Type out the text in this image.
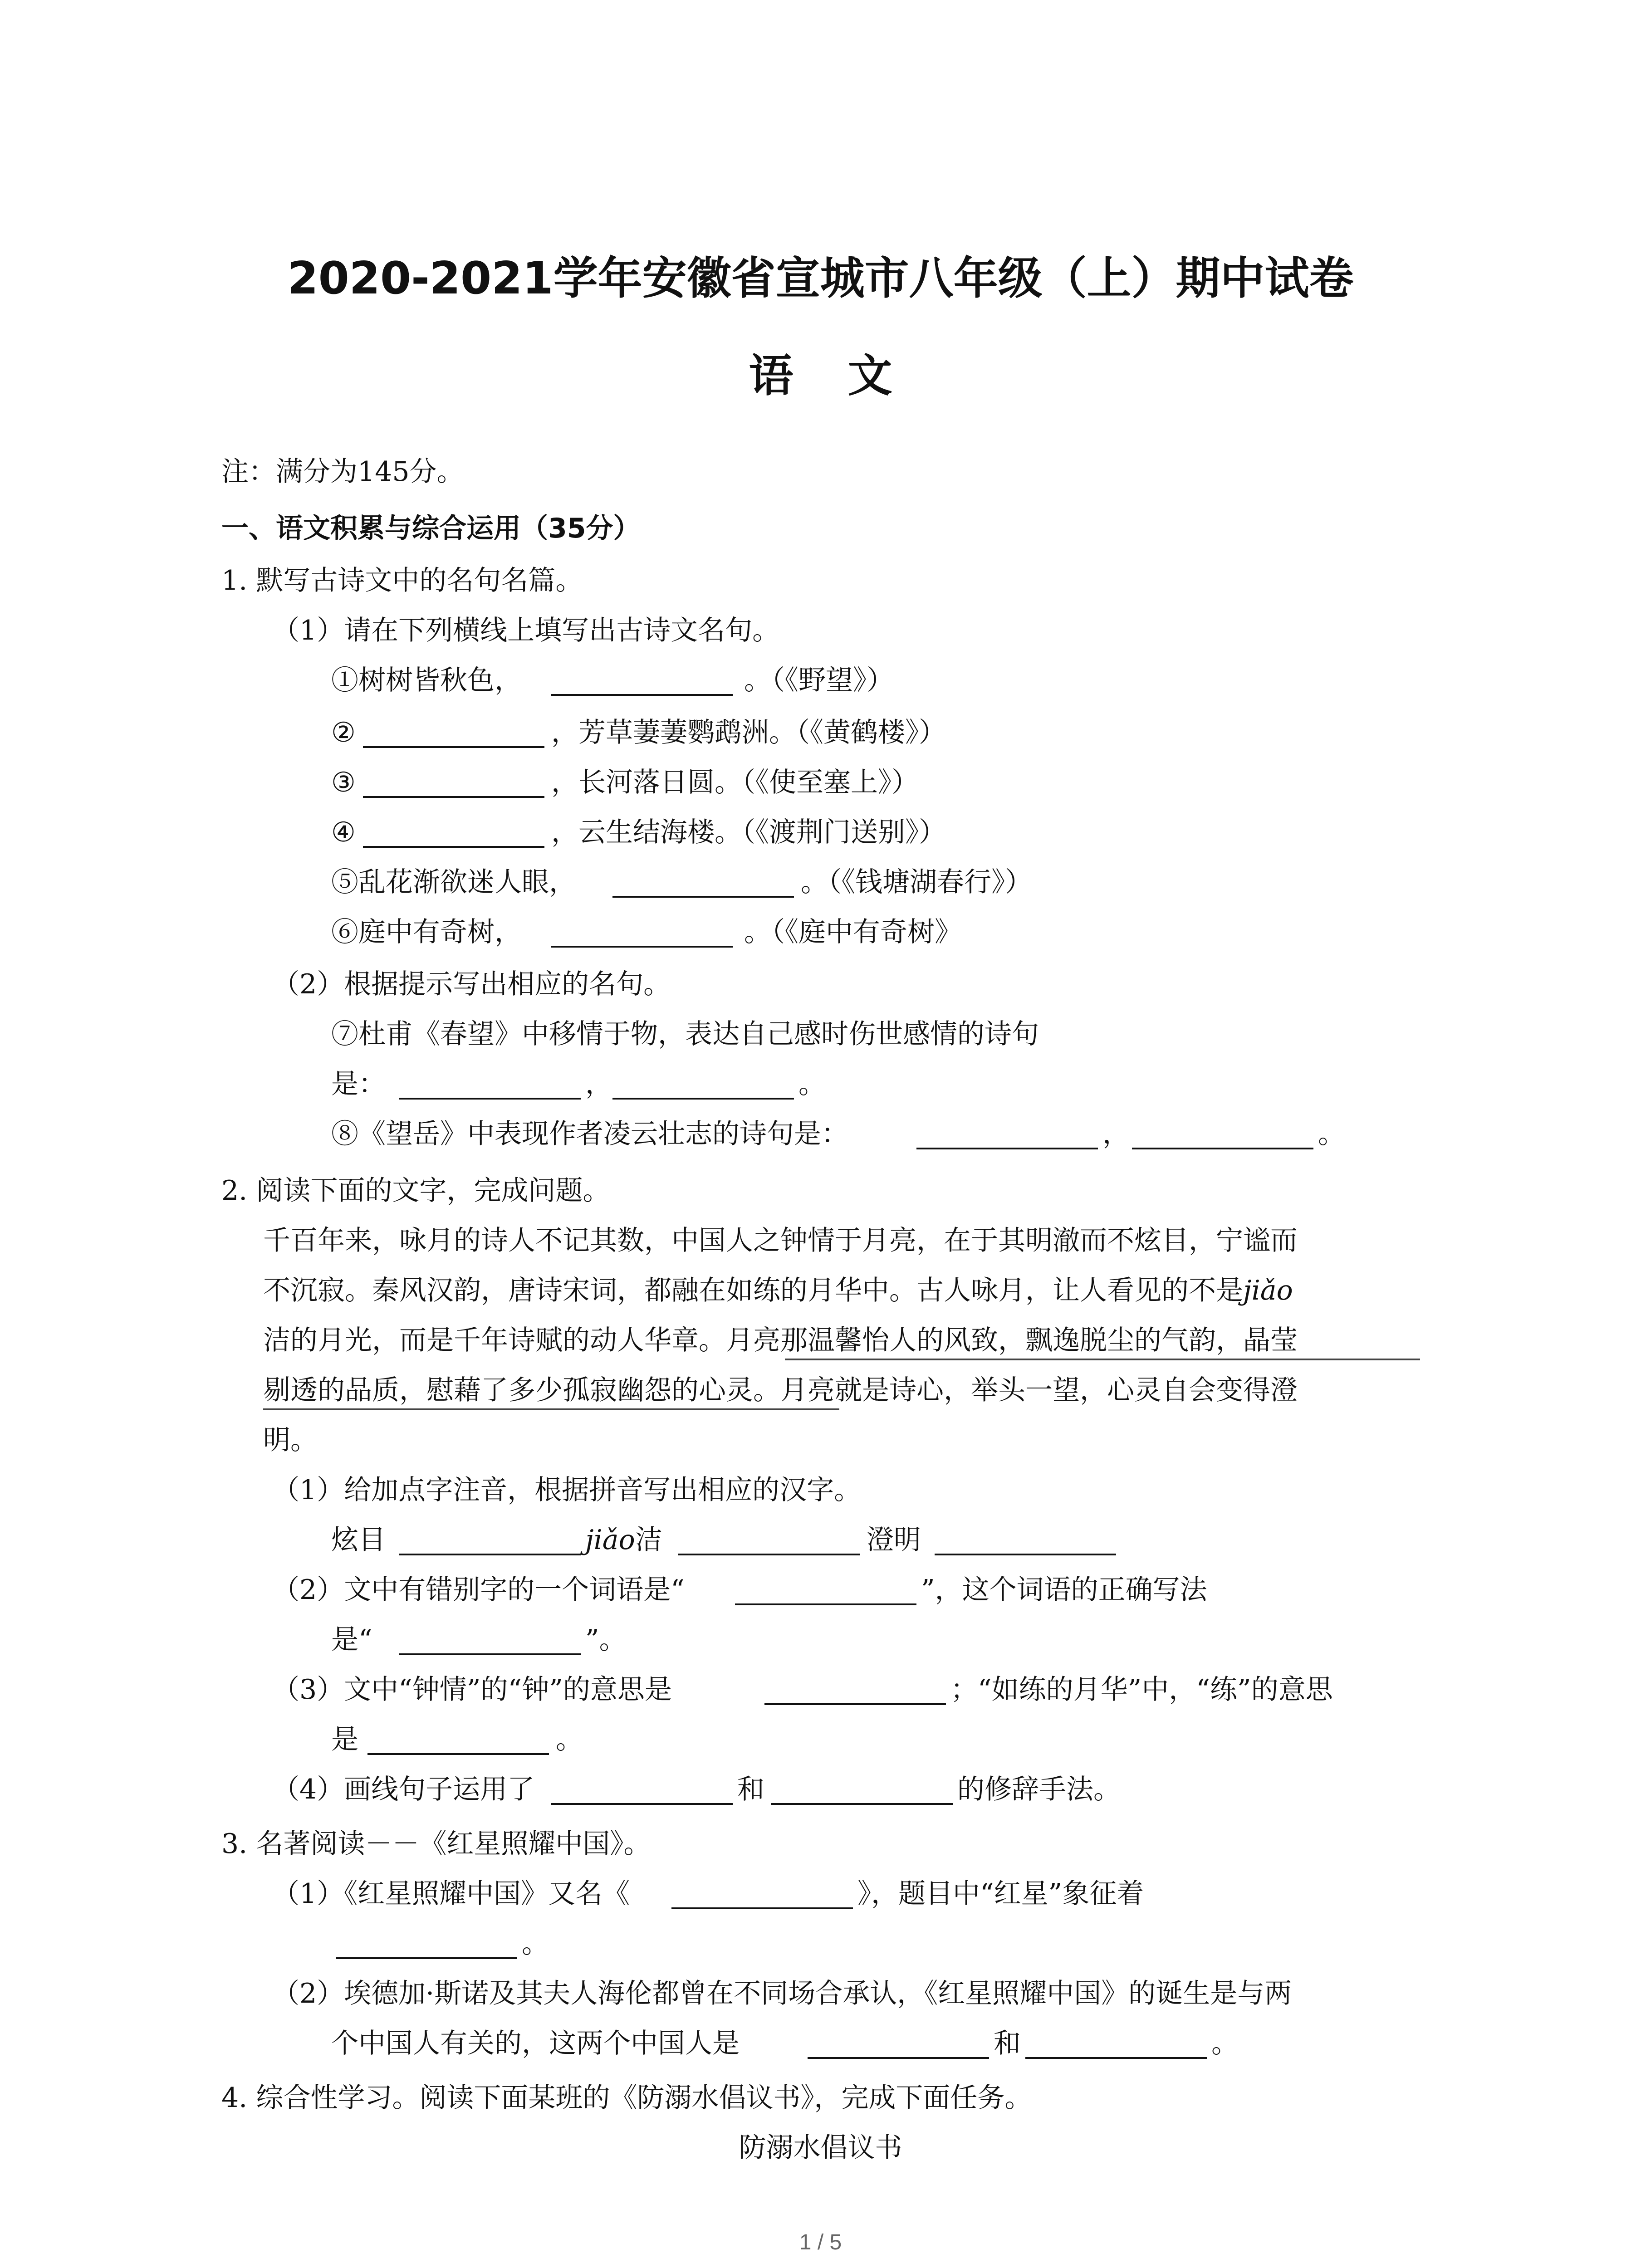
2020-2021学年安徽省宣城市八年级（上）期中试卷
语文
注：满分为145分。
一、语文积累与综合运用（35分）
1. 默写古诗文中的名句名篇。
（1）请在下列横线上填写出古诗文名句。
①树树皆秋色，	。（《野望》）
②	，芳草萋萋鹦鹉洲。（《黄鹤楼》）
③	，长河落日圆。（《使至塞上》）
④	，云生结海楼。（《渡荆门送别》）
⑤乱花渐欲迷人眼，	。（《钱塘湖春行》）
⑥庭中有奇树，	。（《庭中有奇树》
（2）根据提示写出相应的名句。
⑦杜甫《春望》中移情于物，表达自己感时伤世感情的诗句
是：	，	。
⑧《望岳》中表现作者凌云壮志的诗句是：	，	。
2. 阅读下面的文字，完成问题。
千百年来，咏月的诗人不记其数，中国人之钟情于月亮，在于其明澈而不炫目，宁谧而
不沉寂。秦风汉韵，唐诗宋词，都融在如练的月华中。古人咏月，让人看见的不是jiǎo
洁的月光，而是千年诗赋的动人华章。月亮那温馨怡人的风致，飘逸脱尘的气韵，晶莹
剔透的品质，慰藉了多少孤寂幽怨的心灵。月亮就是诗心，举头一望，心灵自会变得澄
明。
（1）给加点字注音，根据拼音写出相应的汉字。
炫目	jiǎo洁	澄明
（2）文中有错别字的一个词语是“	”，这个词语的正确写法
是“	”。
（3）文中“钟情”的“钟”的意思是	；“如练的月华”中，“练”的意思
是	。
（4）画线句子运用了	和	的修辞手法。
3. 名著阅读－－《红星照耀中国》。
（1）《红星照耀中国》又名《	》，题目中“红星”象征着
。
（2）埃德加·斯诺及其夫人海伦都曾在不同场合承认，《红星照耀中国》的诞生是与两
个中国人有关的，这两个中国人是	和	。
4. 综合性学习。阅读下面某班的《防溺水倡议书》，完成下面任务。
防溺水倡议书
1 / 5
